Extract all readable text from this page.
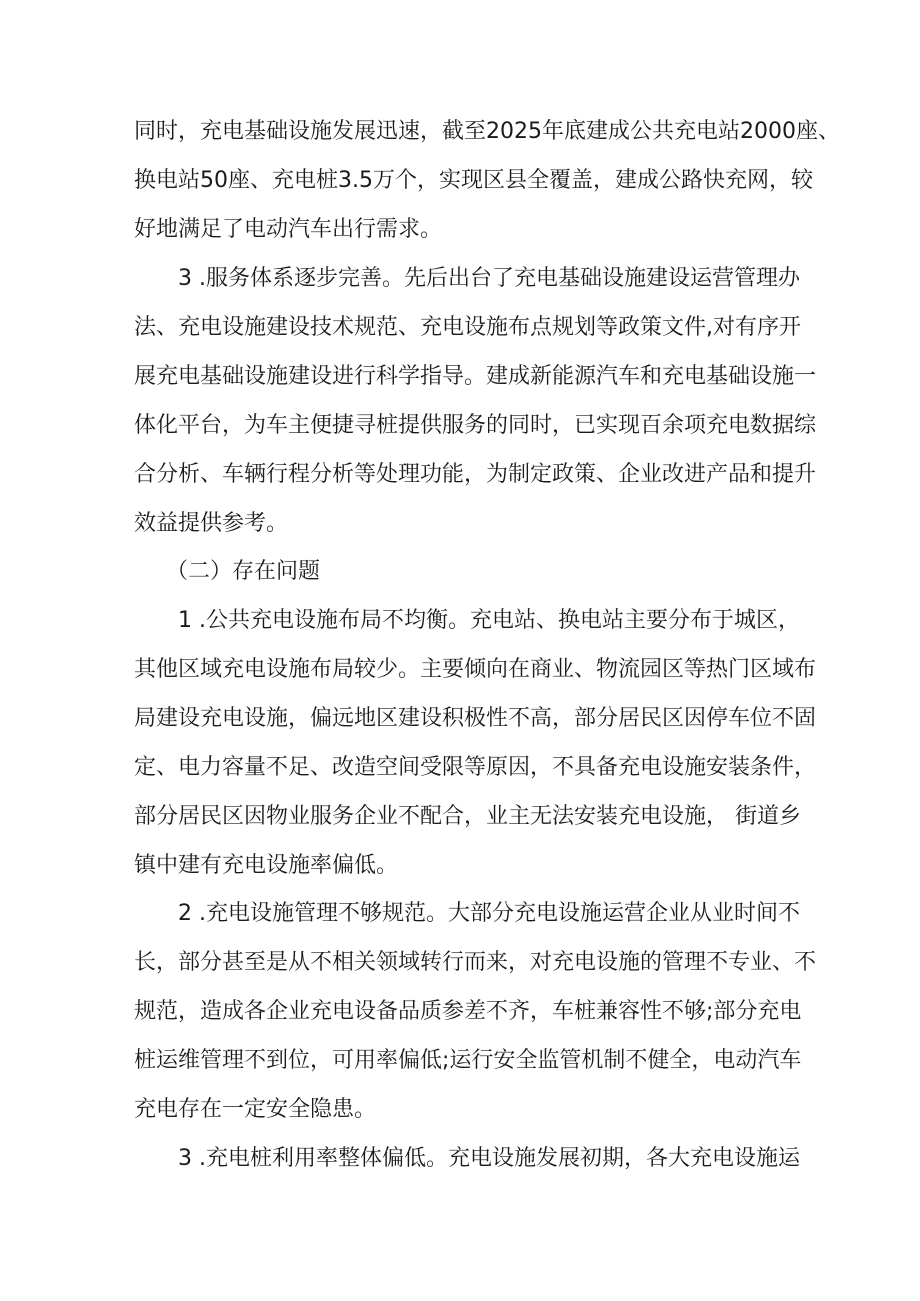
同时，充电基础设施发展迅速，截至2025年底建成公共充电站2000座、
换电站50座、充电桩3.5万个，实现区县全覆盖，建成公路快充网，较
好地满足了电动汽车出行需求。
3 .服务体系逐步完善。先后出台了充电基础设施建设运营管理办
法、充电设施建设技术规范、充电设施布点规划等政策文件,对有序开
展充电基础设施建设进行科学指导。建成新能源汽车和充电基础设施一
体化平台，为车主便捷寻桩提供服务的同时，已实现百余项充电数据综
合分析、车辆行程分析等处理功能，为制定政策、企业改进产品和提升
效益提供参考。
（二）存在问题
1 .公共充电设施布局不均衡。充电站、换电站主要分布于城区，
其他区域充电设施布局较少。主要倾向在商业、物流园区等热门区域布
局建设充电设施，偏远地区建设积极性不高，部分居民区因停车位不固
定、电力容量不足、改造空间受限等原因，不具备充电设施安装条件，
部分居民区因物业服务企业不配合，业主无法安装充电设施， 街道乡
镇中建有充电设施率偏低。
2 .充电设施管理不够规范。大部分充电设施运营企业从业时间不
长，部分甚至是从不相关领域转行而来，对充电设施的管理不专业、不
规范，造成各企业充电设备品质参差不齐，车桩兼容性不够;部分充电
桩运维管理不到位，可用率偏低;运行安全监管机制不健全，电动汽车
充电存在一定安全隐患。
3 .充电桩利用率整体偏低。充电设施发展初期，各大充电设施运
